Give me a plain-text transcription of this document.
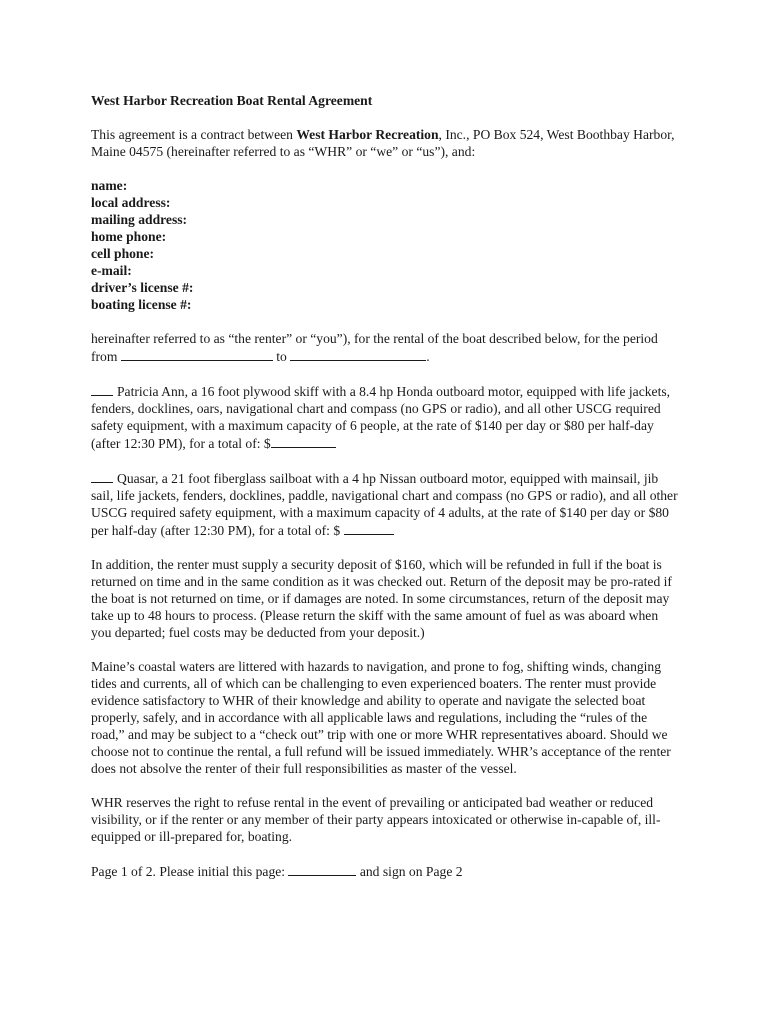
West Harbor Recreation Boat Rental Agreement

This agreement is a contract between West Harbor Recreation, Inc., PO Box 524, West Boothbay Harbor, Maine 04575 (hereinafter referred to as “WHR” or “we” or “us”), and:

name:
local address:
mailing address:
home phone:
cell phone:
e-mail:
driver’s license #:
boating license #:

hereinafter referred to as “the renter” or “you”), for the rental of the boat described below, for the period from	to	.

Patricia Ann, a 16 foot plywood skiff with a 8.4 hp Honda outboard motor, equipped with life jackets, fenders, docklines, oars, navigational chart and compass (no GPS or radio), and all other USCG required safety equipment, with a maximum capacity of 6 people, at the rate of $140 per day or $80 per half-day (after 12:30 PM), for a total of: $

Quasar, a 21 foot fiberglass sailboat with a 4 hp Nissan outboard motor, equipped with mainsail, jib sail, life jackets, fenders, docklines, paddle, navigational chart and compass (no GPS or radio), and all other USCG required safety equipment, with a maximum capacity of 4 adults, at the rate of $140 per day or $80 per half-day (after 12:30 PM), for a total of: $

In addition, the renter must supply a security deposit of $160, which will be refunded in full if the boat is returned on time and in the same condition as it was checked out. Return of the deposit may be pro-rated if the boat is not returned on time, or if damages are noted. In some circumstances, return of the deposit may take up to 48 hours to process. (Please return the skiff with the same amount of fuel as was aboard when you departed; fuel costs may be deducted from your deposit.)

Maine’s coastal waters are littered with hazards to navigation, and prone to fog, shifting winds, changing tides and currents, all of which can be challenging to even experienced boaters. The renter must provide evidence satisfactory to WHR of their knowledge and ability to operate and navigate the selected boat properly, safely, and in accordance with all applicable laws and regulations, including the “rules of the road,” and may be subject to a “check out” trip with one or more WHR representatives aboard. Should we choose not to continue the rental, a full refund will be issued immediately. WHR’s acceptance of the renter does not absolve the renter of their full responsibilities as master of the vessel.

WHR reserves the right to refuse rental in the event of prevailing or anticipated bad weather or reduced visibility, or if the renter or any member of their party appears intoxicated or otherwise in-capable of, ill-equipped or ill-prepared for, boating.

Page 1 of 2. Please initial this page:	and sign on Page 2
